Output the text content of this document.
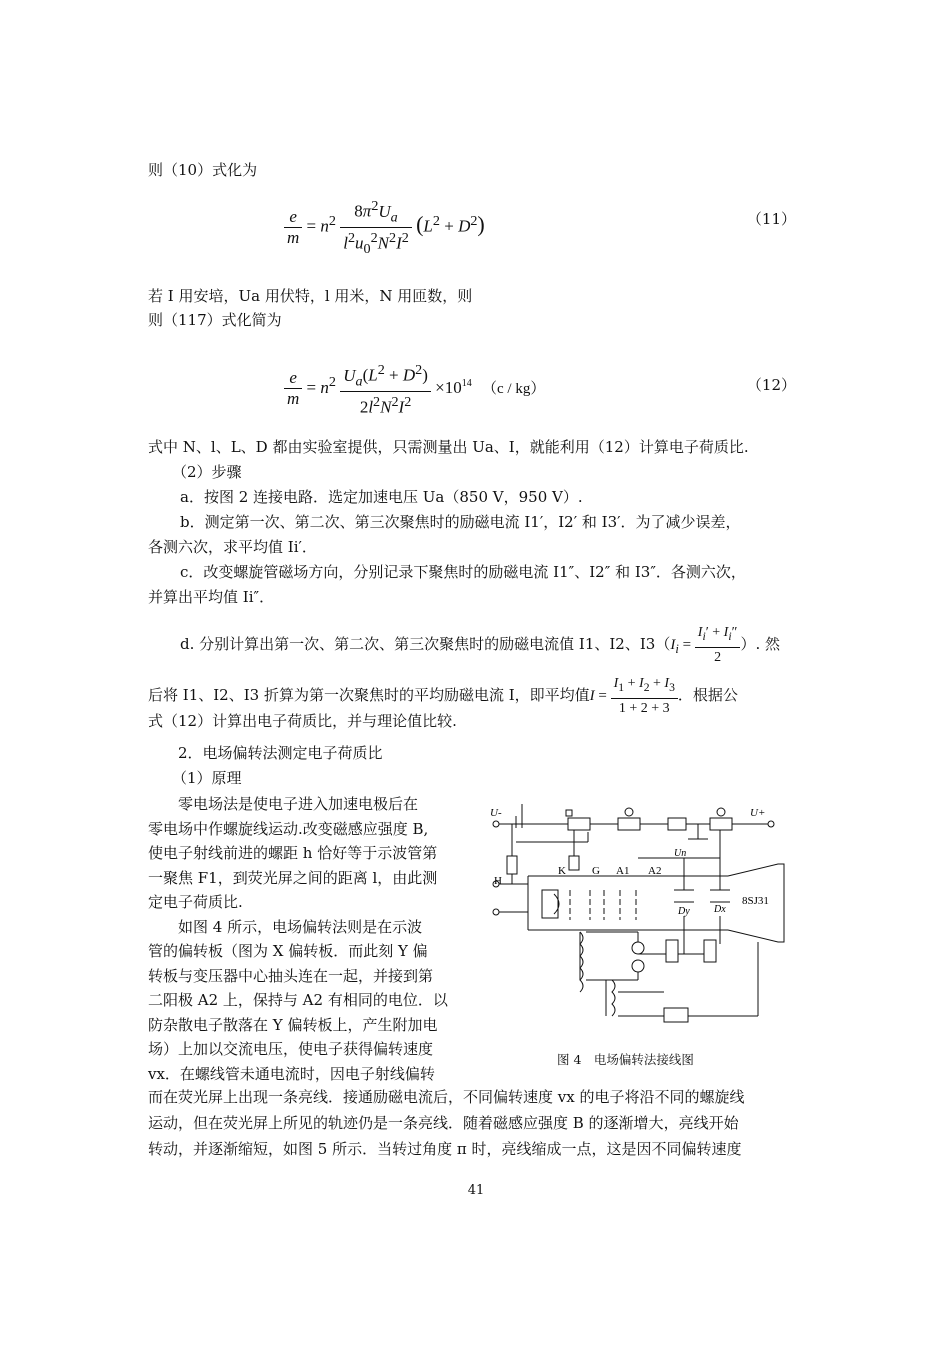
则（10）式化为
$\frac{e}{m} = n^2 \frac{8\pi^2U_a}{l^2u_0^2N^2I^2} (L^2 + D^2)$	（11）
若 I 用安培，Ua 用伏特，l 用米，N 用匝数，则
则（117）式化简为
$\frac{e}{m} = n^2 \frac{U_a(L^2 + D^2)}{2l^2N^2I^2} \times 10^{14}$ （c / kg）	（12）
式中 N、l、L、D 都由实验室提供，只需测量出 Ua、I，就能利用（12）计算电子荷质比.
（2）步骤
a．按图 2 连接电路．选定加速电压 Ua（850 V，950 V）.
b．测定第一次、第二次、第三次聚焦时的励磁电流 I1′，I2′ 和 I3′．为了减少误差，
各测六次，求平均值 Ii′．
c．改变螺旋管磁场方向，分别记录下聚焦时的励磁电流 I1″、I2″ 和 I3″．各测六次，
并算出平均值 Ii″．
d. 分别计算出第一次、第二次、第三次聚焦时的励磁电流值 I1、I2、$I3(I_i = \frac{I_i' + I_i''}{2}$ ）. 然
后将 I1、I2、I3 折算为第一次聚焦时的平均励磁电流 I，即平均值$I = \frac{I_1 + I_2 + I_3}{1 + 2 + 3}$ ．根据公
式（12）计算出电子荷质比，并与理论值比较.
2．电场偏转法测定电子荷质比
（1）原理
　　零电场法是使电子进入加速电极后在
零电场中作螺旋线运动.改变磁感应强度 B,
使电子射线前进的螺距 h 恰好等于示波管第
一聚焦 F1，到荧光屏之间的距离 l，由此测
定电子荷质比.
　　如图 4 所示，电场偏转法则是在示波
管的偏转板（图为 X 偏转板．而此刻 Y 偏
转板与变压器中心抽头连在一起，并接到第
二阳极 A2 上，保持与 A2 有相同的电位．以
防杂散电子散落在 Y 偏转板上，产生附加电
场）上加以交流电压，使电子获得偏转速度
vx．在螺线管未通电流时，因电子射线偏转
U-	U+
Un
H
K G A1 A2
Dy Dx
8SJ31
图 4　电场偏转法接线图
而在荧光屏上出现一条亮线．接通励磁电流后，不同偏转速度 vx 的电子将沿不同的螺旋线
运动，但在荧光屏上所见的轨迹仍是一条亮线．随着磁感应强度 B 的逐渐增大，亮线开始
转动，并逐渐缩短，如图 5 所示．当转过角度 π 时，亮线缩成一点，这是因不同偏转速度
41
